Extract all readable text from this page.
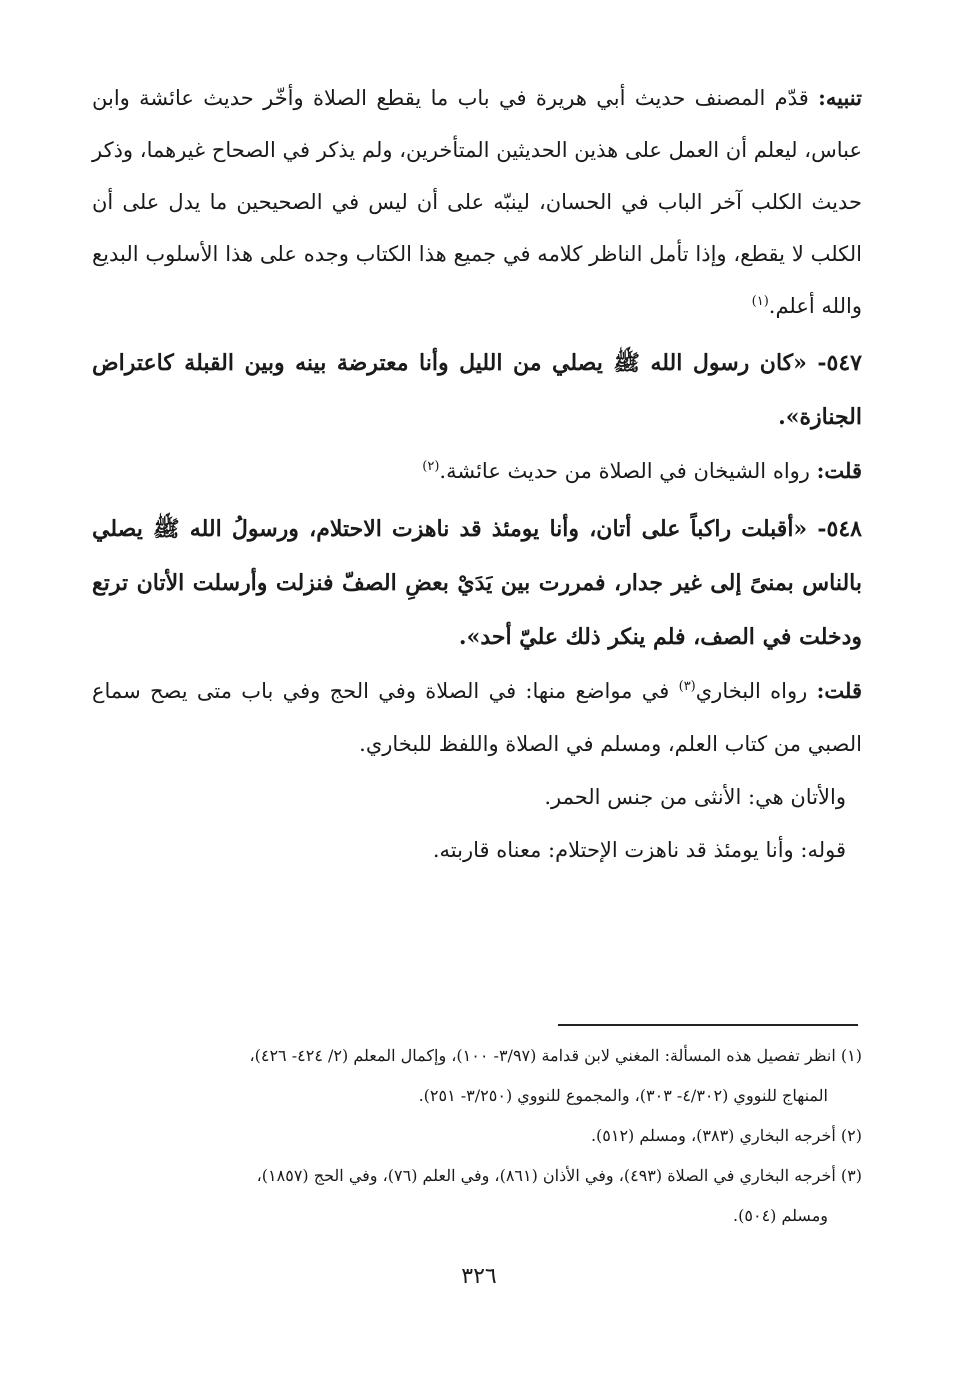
تنبيه: قدّم المصنف حديث أبي هريرة في باب ما يقطع الصلاة وأخّر حديث عائشة وابن عباس، ليعلم أن العمل على هذين الحديثين المتأخرين، ولم يذكر في الصحاح غيرهما، وذكر حديث الكلب آخر الباب في الحسان، لينبّه على أن ليس في الصحيحين ما يدل على أن الكلب لا يقطع، وإذا تأمل الناظر كلامه في جميع هذا الكتاب وجده على هذا الأسلوب البديع والله أعلم.$^{(١)}$

٥٤٧- «كان رسول الله ﷺ يصلي من الليل وأنا معترضة بينه وبين القبلة كاعتراض الجنازة».

قلت: رواه الشيخان في الصلاة من حديث عائشة.$^{(٢)}$

٥٤٨- «أقبلت راكباً على أتان، وأنا يومئذ قد ناهزت الاحتلام، ورسولُ الله ﷺ يصلي بالناس بمنىً إلى غير جدار، فمررت بين يَدَيْ بعضِ الصفّ فنزلت وأرسلت الأتان ترتع ودخلت في الصف، فلم ينكر ذلك عليّ أحد».

قلت: رواه البخاري$^{(٣)}$ في مواضع منها: في الصلاة وفي الحج وفي باب متى يصح سماع الصبي من كتاب العلم، ومسلم في الصلاة واللفظ للبخاري.

والأتان هي: الأنثى من جنس الحمر.

قوله: وأنا يومئذ قد ناهزت الإحتلام: معناه قاربته.

(١) انظر تفصيل هذه المسألة: المغني لابن قدامة (٣/٩٧- ١٠٠)، وإكمال المعلم (٢/ ٤٢٤- ٤٢٦)،

المنهاج للنووي (٤/٣٠٢- ٣٠٣)، والمجموع للنووي (٣/٢٥٠- ٢٥١).

(٢) أخرجه البخاري (٣٨٣)، ومسلم (٥١٢).

(٣) أخرجه البخاري في الصلاة (٤٩٣)، وفي الأذان (٨٦١)، وفي العلم (٧٦)، وفي الحج (١٨٥٧)،

ومسلم (٥٠٤).

٣٢٦
